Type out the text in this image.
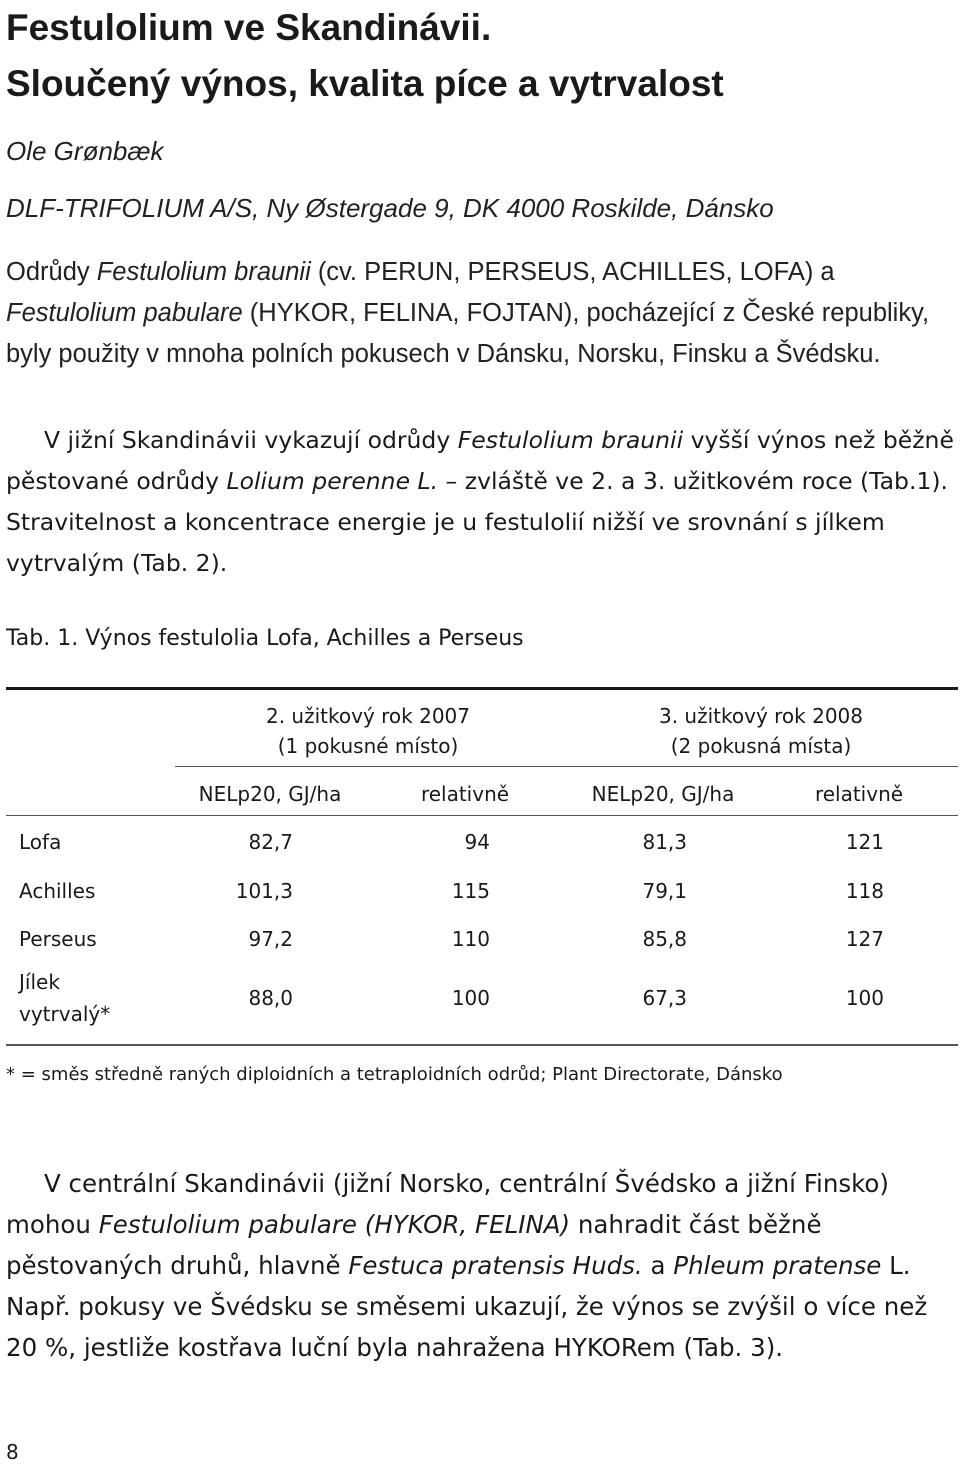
Festulolium ve Skandinávii.
Sloučený výnos, kvalita píce a vytrvalost
Ole Grønbæk
DLF-TRIFOLIUM A/S, Ny Østergade 9, DK 4000 Roskilde, Dánsko

Odrůdy Festulolium braunii (cv. PERUN, PERSEUS, ACHILLES, LOFA) a Festulolium pabulare (HYKOR, FELINA, FOJTAN), pocházející z České republiky, byly použity v mnoha polních pokusech v Dánsku, Norsku, Finsku a Švédsku.

V jižní Skandinávii vykazují odrůdy Festulolium braunii vyšší výnos než běžně pěstované odrůdy Lolium perenne L. – zvláště ve 2. a 3. užitkovém roce (Tab.1). Stravitelnost a koncentrace energie je u festulolií nižší ve srovnání s jílkem vytrvalým (Tab. 2).

Tab. 1. Výnos festulolia Lofa, Achilles a Perseus
2. užitkový rok 2007
(1 pokusné místo)
3. užitkový rok 2008
(2 pokusná místa)
NELp20, GJ/ha	relativně	NELp20, GJ/ha	relativně
Lofa	82,7	94	81,3	121
Achilles	101,3	115	79,1	118
Perseus	97,2	110	85,8	127
Jílek
vytrvalý*
88,0	100	67,3	100
* = směs středně raných diploidních a tetraploidních odrůd; Plant Directorate, Dánsko

V centrální Skandinávii (jižní Norsko, centrální Švédsko a jižní Finsko) mohou Festulolium pabulare (HYKOR, FELINA) nahradit část běžně pěstovaných druhů, hlavně Festuca pratensis Huds. a Phleum pratense L. Např. pokusy ve Švédsku se směsemi ukazují, že výnos se zvýšil o více než 20 %, jestliže kostřava luční byla nahražena HYKORem (Tab. 3).

8
